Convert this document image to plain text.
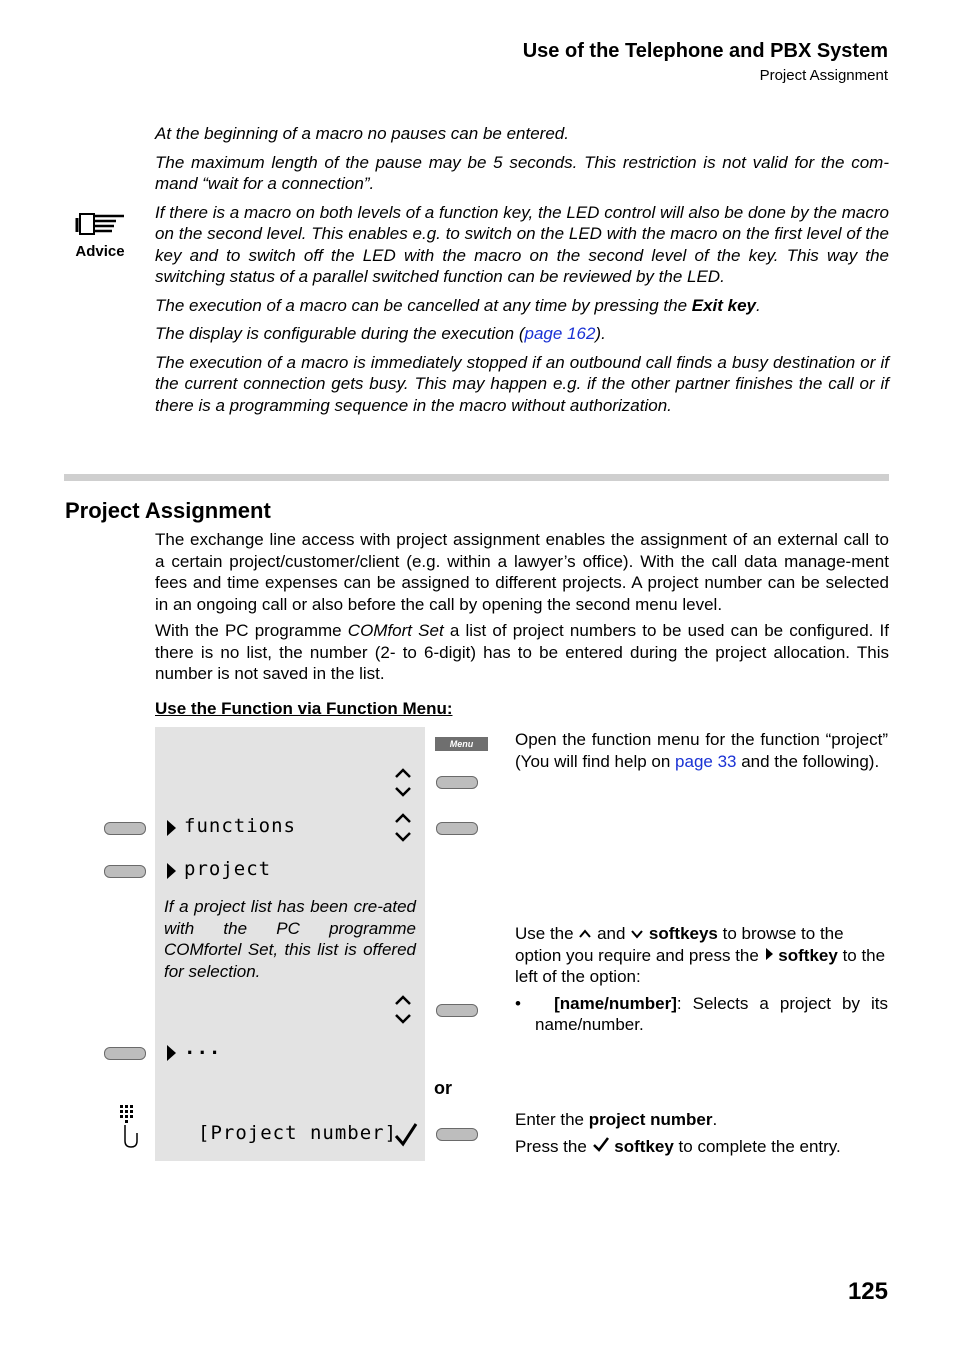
Use of the Telephone and PBX System
Project Assignment
Advice

At the beginning of a macro no pauses can be entered.

The maximum length of the pause may be 5 seconds. This restriction is not valid for the com-mand “wait for a connection”.

If there is a macro on both levels of a function key, the LED control will also be done by the macro on the second level. This enables e.g. to switch on the LED with the macro on the first level of the key and to switch off the LED with the macro on the second level of the key. This way the switching status of a parallel switched function can be reviewed by the LED.

The execution of a macro can be cancelled at any time by pressing the Exit key.

The display is configurable during the execution (page 162).

The execution of a macro is immediately stopped if an outbound call finds a busy destination or if the current connection gets busy. This may happen e.g. if the other partner finishes the call or if there is a programming sequence in the macro without authorization.

Project Assignment

The exchange line access with project assignment enables the assignment of an external call to a certain project/customer/client (e.g. within a lawyer’s office). With the call data manage-ment fees and time expenses can be assigned to different projects. A project number can be selected in an ongoing call or also before the call by opening the second menu level.

With the PC programme COMfort Set a list of project numbers to be used can be configured. If there is no list, the number (2- to 6-digit) has to be entered during the project allocation. This number is not saved in the list.

Use the Function via Function Menu:
Menu
functions
project
If a project list has been cre-ated with the PC programme COMfortel Set, this list is offered for selection.
...
or
[Project number]

Open the function menu for the function “project” (You will find help on page 33 and the following).

Use the and softkeys to browse to the option you require and press the softkey to the left of the option:

•   [name/number]: Selects a project by its name/number.

Enter the project number.

Press the softkey to complete the entry.

125
